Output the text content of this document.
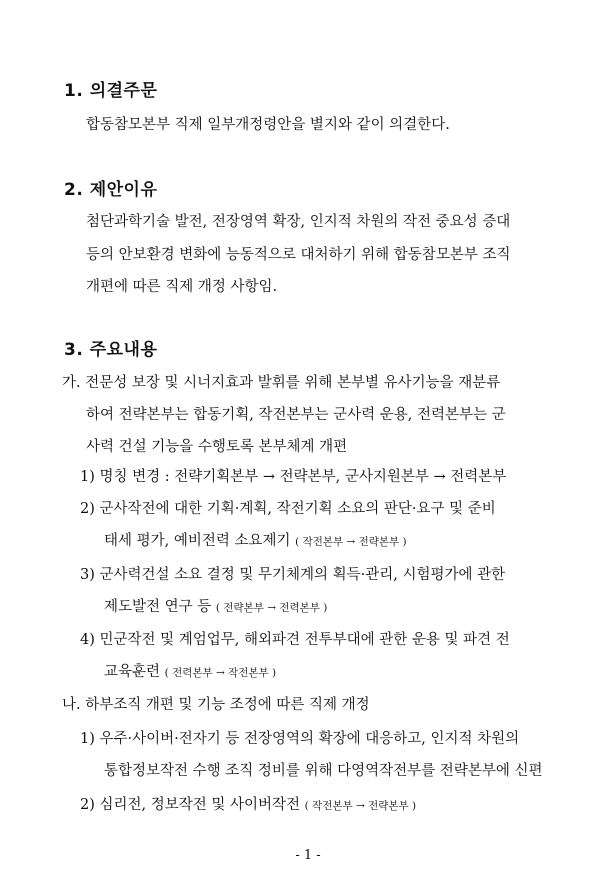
1. 의결주문
합동참모본부 직제 일부개정령안을 별지와 같이 의결한다.
2. 제안이유
첨단과학기술 발전, 전장영역 확장, 인지적 차원의 작전 중요성 증대
등의 안보환경 변화에 능동적으로 대처하기 위해 합동참모본부 조직
개편에 따른 직제 개정 사항임.
3. 주요내용
가. 전문성 보장 및 시너지효과 발휘를 위해 본부별 유사기능을 재분류
하여 전략본부는 합동기획, 작전본부는 군사력 운용, 전력본부는 군
사력 건설 기능을 수행토록 본부체계 개편
1) 명칭 변경 : 전략기획본부 → 전략본부, 군사지원본부 → 전력본부
2) 군사작전에 대한 기획·계획, 작전기획 소요의 판단·요구 및 준비
태세 평가, 예비전력 소요제기 ( 작전본부 → 전략본부 )
3) 군사력건설 소요 결정 및 무기체계의 획득·관리, 시험평가에 관한
제도발전 연구 등 ( 전략본부 → 전력본부 )
4) 민군작전 및 계엄업무, 해외파견 전투부대에 관한 운용 및 파견 전
교육훈련 ( 전력본부 → 작전본부 )
나. 하부조직 개편 및 기능 조정에 따른 직제 개정
1) 우주·사이버·전자기 등 전장영역의 확장에 대응하고, 인지적 차원의
통합정보작전 수행 조직 정비를 위해 다영역작전부를 전략본부에 신편
2) 심리전, 정보작전 및 사이버작전 ( 작전본부 → 전략본부 )
- 1 -
